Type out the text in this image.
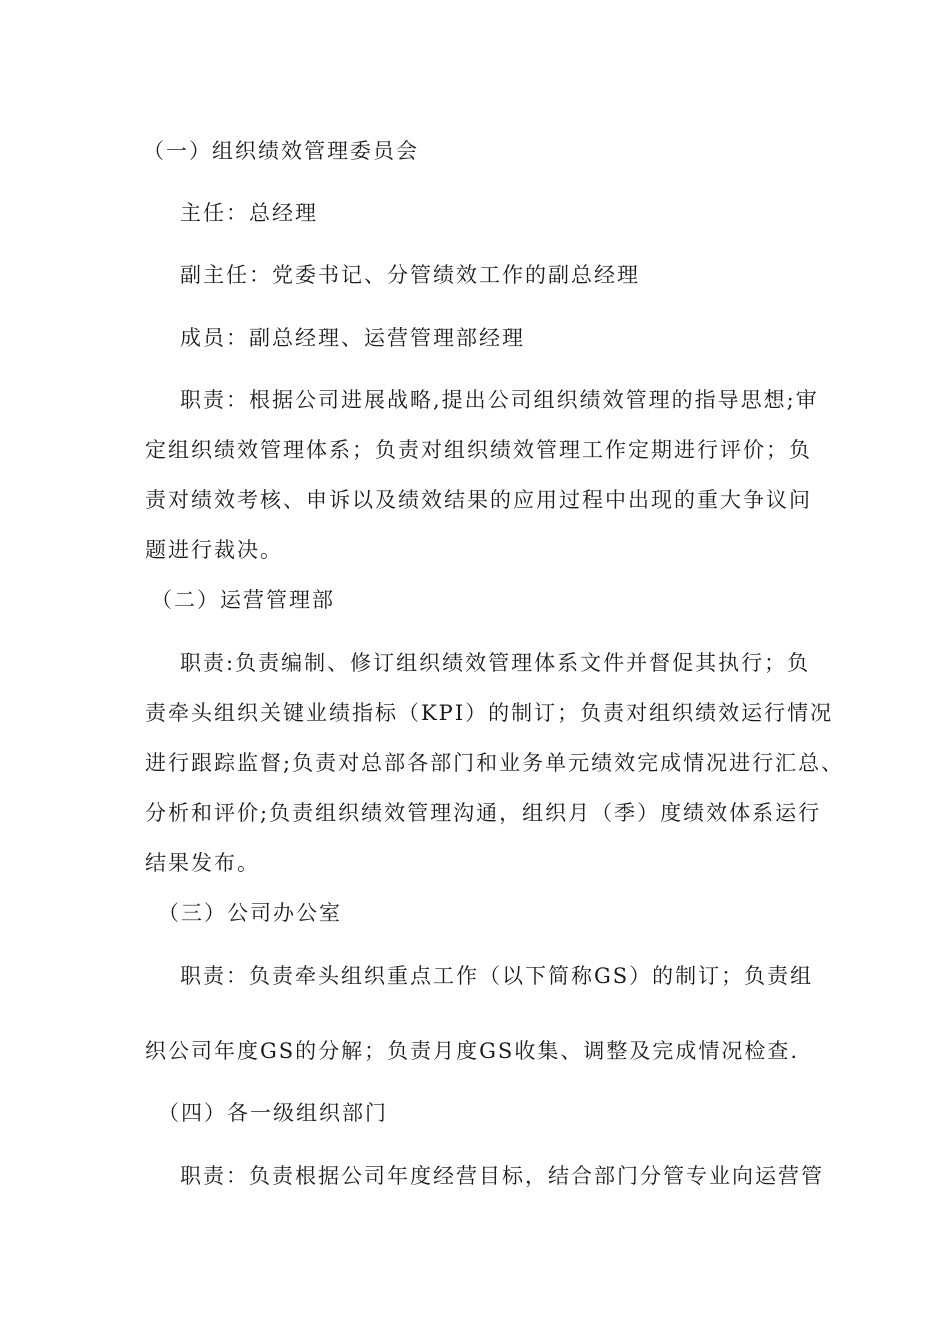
（一）组织绩效管理委员会
主任：总经理
副主任：党委书记、分管绩效工作的副总经理
成员：副总经理、运营管理部经理
职责：根据公司进展战略,提出公司组织绩效管理的指导思想;审
定组织绩效管理体系；负责对组织绩效管理工作定期进行评价；负
责对绩效考核、申诉以及绩效结果的应用过程中出现的重大争议问
题进行裁决。
（二）运营管理部
职责:负责编制、修订组织绩效管理体系文件并督促其执行；负
责牵头组织关键业绩指标（KPI）的制订；负责对组织绩效运行情况
进行跟踪监督;负责对总部各部门和业务单元绩效完成情况进行汇总、
分析和评价;负责组织绩效管理沟通，组织月（季）度绩效体系运行
结果发布。
（三）公司办公室
职责：负责牵头组织重点工作（以下简称GS）的制订；负责组
织公司年度GS的分解；负责月度GS收集、调整及完成情况检查.
（四）各一级组织部门
职责：负责根据公司年度经营目标，结合部门分管专业向运营管
